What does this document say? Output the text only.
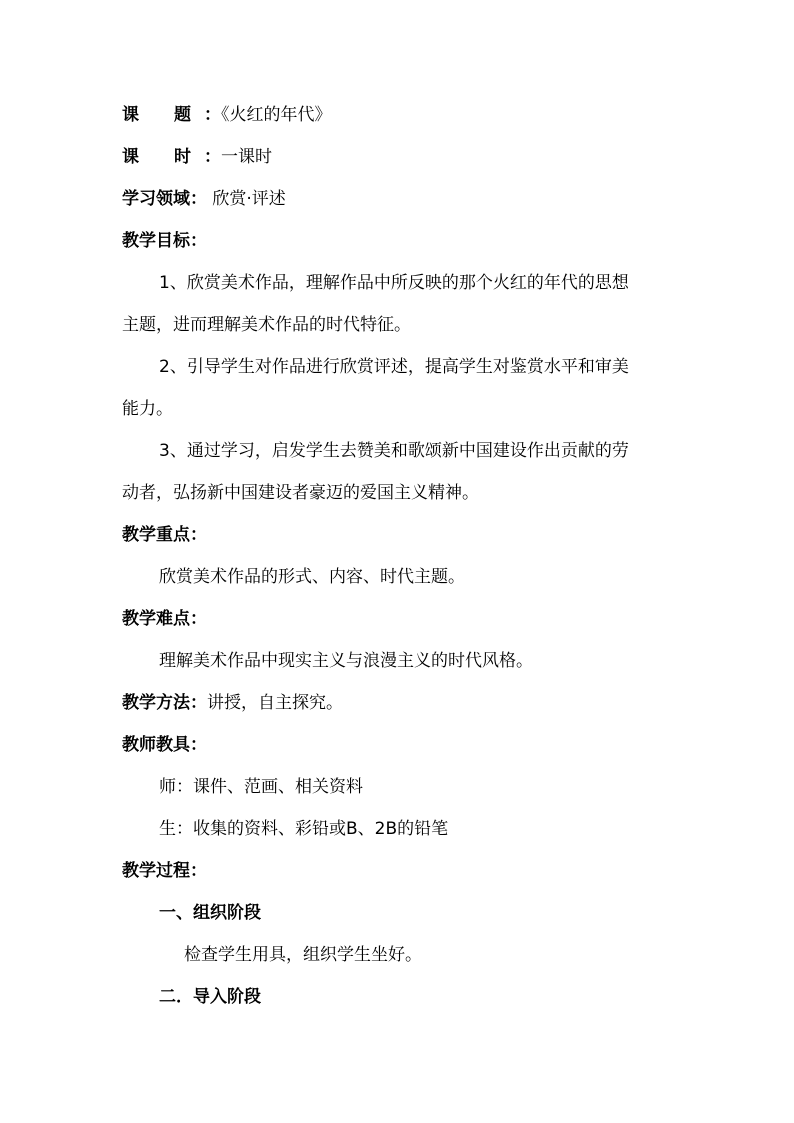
课 题 ：《火红的年代》
课 时 ：一课时
学习领域： 欣赏·评述
教学目标：
1、欣赏美术作品，理解作品中所反映的那个火红的年代的思想
主题，进而理解美术作品的时代特征。
2、引导学生对作品进行欣赏评述，提高学生对鉴赏水平和审美
能力。
3、通过学习，启发学生去赞美和歌颂新中国建设作出贡献的劳
动者，弘扬新中国建设者豪迈的爱国主义精神。
教学重点：
欣赏美术作品的形式、内容、时代主题。
教学难点：
理解美术作品中现实主义与浪漫主义的时代风格。
教学方法：讲授，自主探究。
教师教具：
师：课件、范画、相关资料
生：收集的资料、彩铅或B、2B的铅笔
教学过程：
一、组织阶段
检查学生用具，组织学生坐好。
二．导入阶段
